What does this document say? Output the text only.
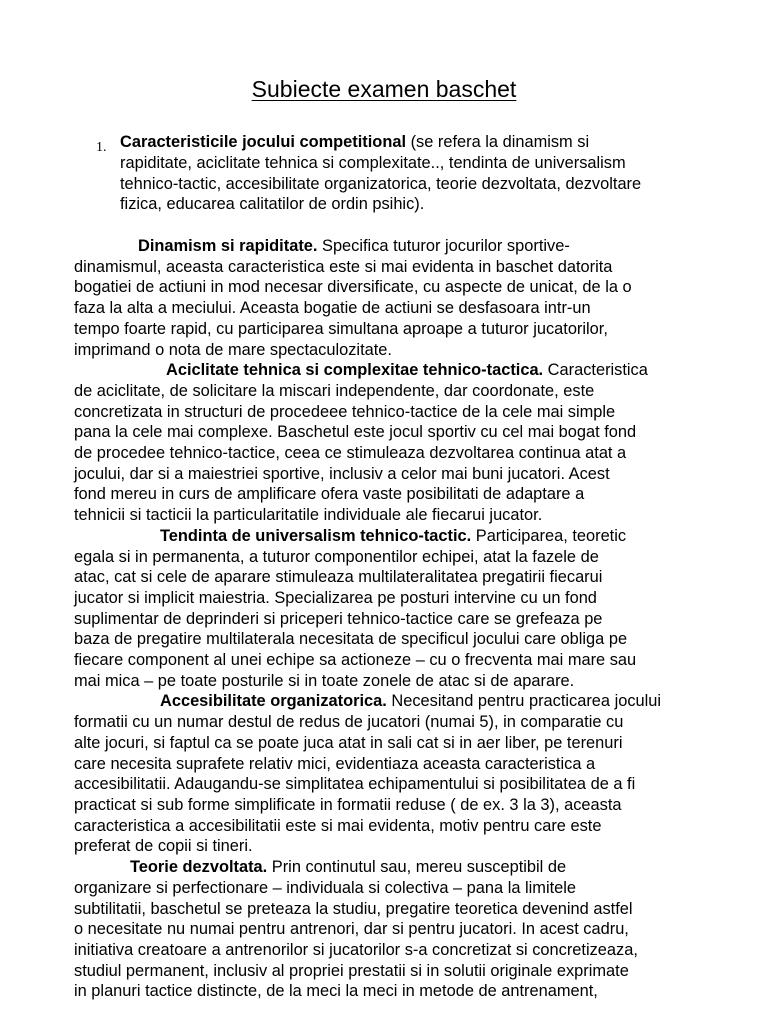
Subiecte examen baschet
1. Caracteristicile jocului competitional (se refera la dinamism si
rapiditate, aciclitate tehnica si complexitate.., tendinta de universalism
tehnico-tactic, accesibilitate organizatorica, teorie dezvoltata, dezvoltare
fizica, educarea calitatilor de ordin psihic).
Dinamism si rapiditate. Specifica tuturor jocurilor sportive-
dinamismul, aceasta caracteristica este si mai evidenta in baschet datorita
bogatiei de actiuni in mod necesar diversificate, cu aspecte de unicat, de la o
faza la alta a meciului. Aceasta bogatie de actiuni se desfasoara intr-un
tempo foarte rapid, cu participarea simultana aproape a tuturor jucatorilor,
imprimand o nota de mare spectaculozitate.
Aciclitate tehnica si complexitae tehnico-tactica. Caracteristica
de aciclitate, de solicitare la miscari independente, dar coordonate, este
concretizata in structuri de procedeee tehnico-tactice de la cele mai simple
pana la cele mai complexe. Baschetul este jocul sportiv cu cel mai bogat fond
de procedee tehnico-tactice, ceea ce stimuleaza dezvoltarea continua atat a
jocului, dar si a maiestriei sportive, inclusiv a celor mai buni jucatori. Acest
fond mereu in curs de amplificare ofera vaste posibilitati de adaptare a
tehnicii si tacticii la particularitatile individuale ale fiecarui jucator.
Tendinta de universalism tehnico-tactic. Participarea, teoretic
egala si in permanenta, a tuturor componentilor echipei, atat la fazele de
atac, cat si cele de aparare stimuleaza multilateralitatea pregatirii fiecarui
jucator si implicit maiestria. Specializarea pe posturi intervine cu un fond
suplimentar de deprinderi si priceperi tehnico-tactice care se grefeaza pe
baza de pregatire multilaterala necesitata de specificul jocului care obliga pe
fiecare component al unei echipe sa actioneze – cu o frecventa mai mare sau
mai mica – pe toate posturile si in toate zonele de atac si de aparare.
Accesibilitate organizatorica. Necesitand pentru practicarea jocului
formatii cu un numar destul de redus de jucatori (numai 5), in comparatie cu
alte jocuri, si faptul ca se poate juca atat in sali cat si in aer liber, pe terenuri
care necesita suprafete relativ mici, evidentiaza aceasta caracteristica a
accesibilitatii. Adaugandu-se simplitatea echipamentului si posibilitatea de a fi
practicat si sub forme simplificate in formatii reduse ( de ex. 3 la 3), aceasta
caracteristica a accesibilitatii este si mai evidenta, motiv pentru care este
preferat de copii si tineri.
Teorie dezvoltata. Prin continutul sau, mereu susceptibil de
organizare si perfectionare – individuala si colectiva – pana la limitele
subtilitatii, baschetul se preteaza la studiu, pregatire teoretica devenind astfel
o necesitate nu numai pentru antrenori, dar si pentru jucatori. In acest cadru,
initiativa creatoare a antrenorilor si jucatorilor s-a concretizat si concretizeaza,
studiul permanent, inclusiv al propriei prestatii si in solutii originale exprimate
in planuri tactice distincte, de la meci la meci in metode de antrenament,
